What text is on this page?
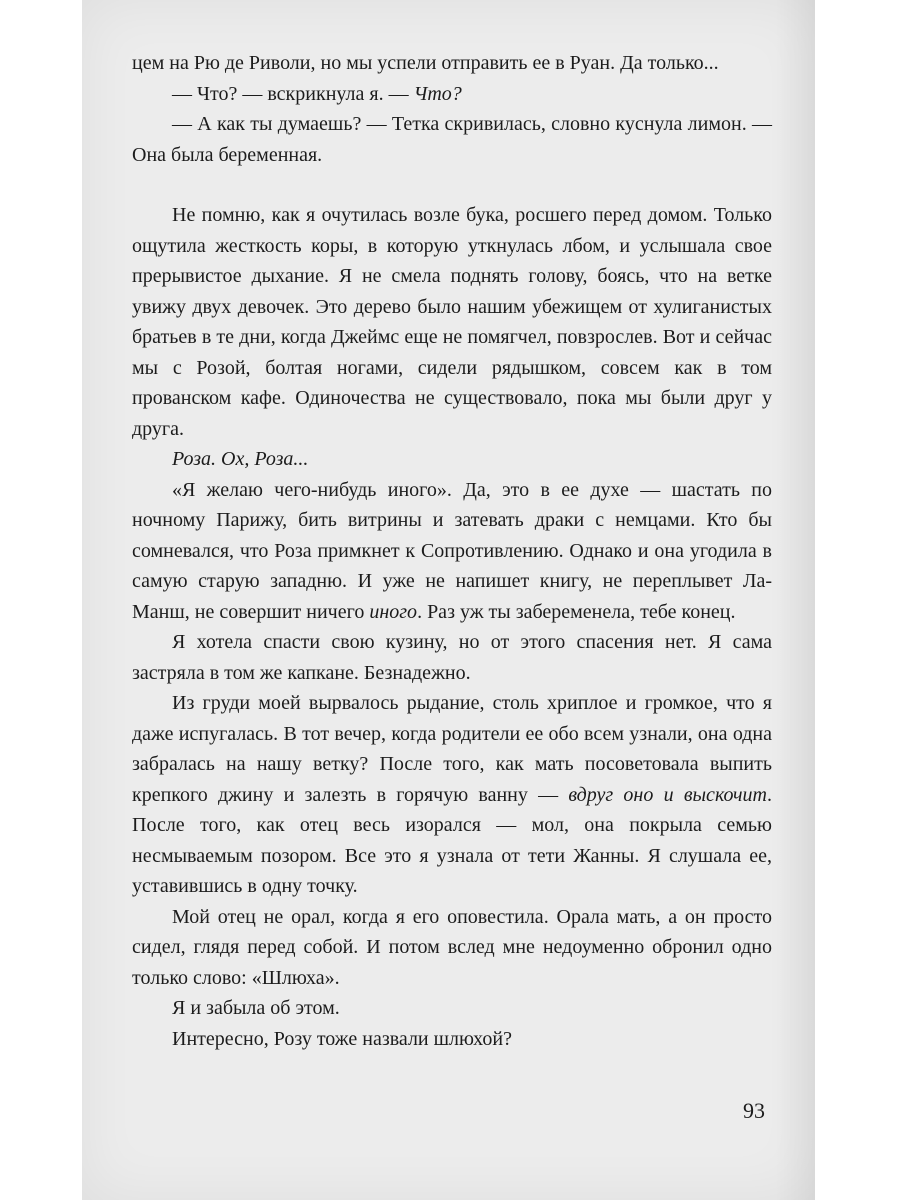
цем на Рю де Риволи, но мы успели отправить ее в Руан. Да только...

— Что? — вскрикнула я. — Что?

— А как ты думаешь? — Тетка скривилась, словно куснула лимон. — Она была беременная.

Не помню, как я очутилась возле бука, росшего перед домом. Только ощутила жесткость коры, в которую уткнулась лбом, и услышала свое прерывистое дыхание. Я не смела поднять голову, боясь, что на ветке увижу двух девочек. Это дерево было нашим убежищем от хулиганистых братьев в те дни, когда Джеймс еще не помягчел, повзрослев. Вот и сейчас мы с Розой, болтая ногами, сидели рядышком, совсем как в том прованском кафе. Одиночества не существовало, пока мы были друг у друга.

Роза. Ох, Роза...

«Я желаю чего-нибудь иного». Да, это в ее духе — шастать по ночному Парижу, бить витрины и затевать драки с немцами. Кто бы сомневался, что Роза примкнет к Сопротивлению. Однако и она угодила в самую старую западню. И уже не напишет книгу, не переплывет Ла-Манш, не совершит ничего иного. Раз уж ты забеременела, тебе конец.

Я хотела спасти свою кузину, но от этого спасения нет. Я сама застряла в том же капкане. Безнадежно.

Из груди моей вырвалось рыдание, столь хриплое и громкое, что я даже испугалась. В тот вечер, когда родители ее обо всем узнали, она одна забралась на нашу ветку? После того, как мать посоветовала выпить крепкого джину и залезть в горячую ванну — вдруг оно и выскочит. После того, как отец весь изорался — мол, она покрыла семью несмываемым позором. Все это я узнала от тети Жанны. Я слушала ее, уставившись в одну точку.

Мой отец не орал, когда я его оповестила. Орала мать, а он просто сидел, глядя перед собой. И потом вслед мне недоуменно обронил одно только слово: «Шлюха».

Я и забыла об этом.

Интересно, Розу тоже назвали шлюхой?

93
